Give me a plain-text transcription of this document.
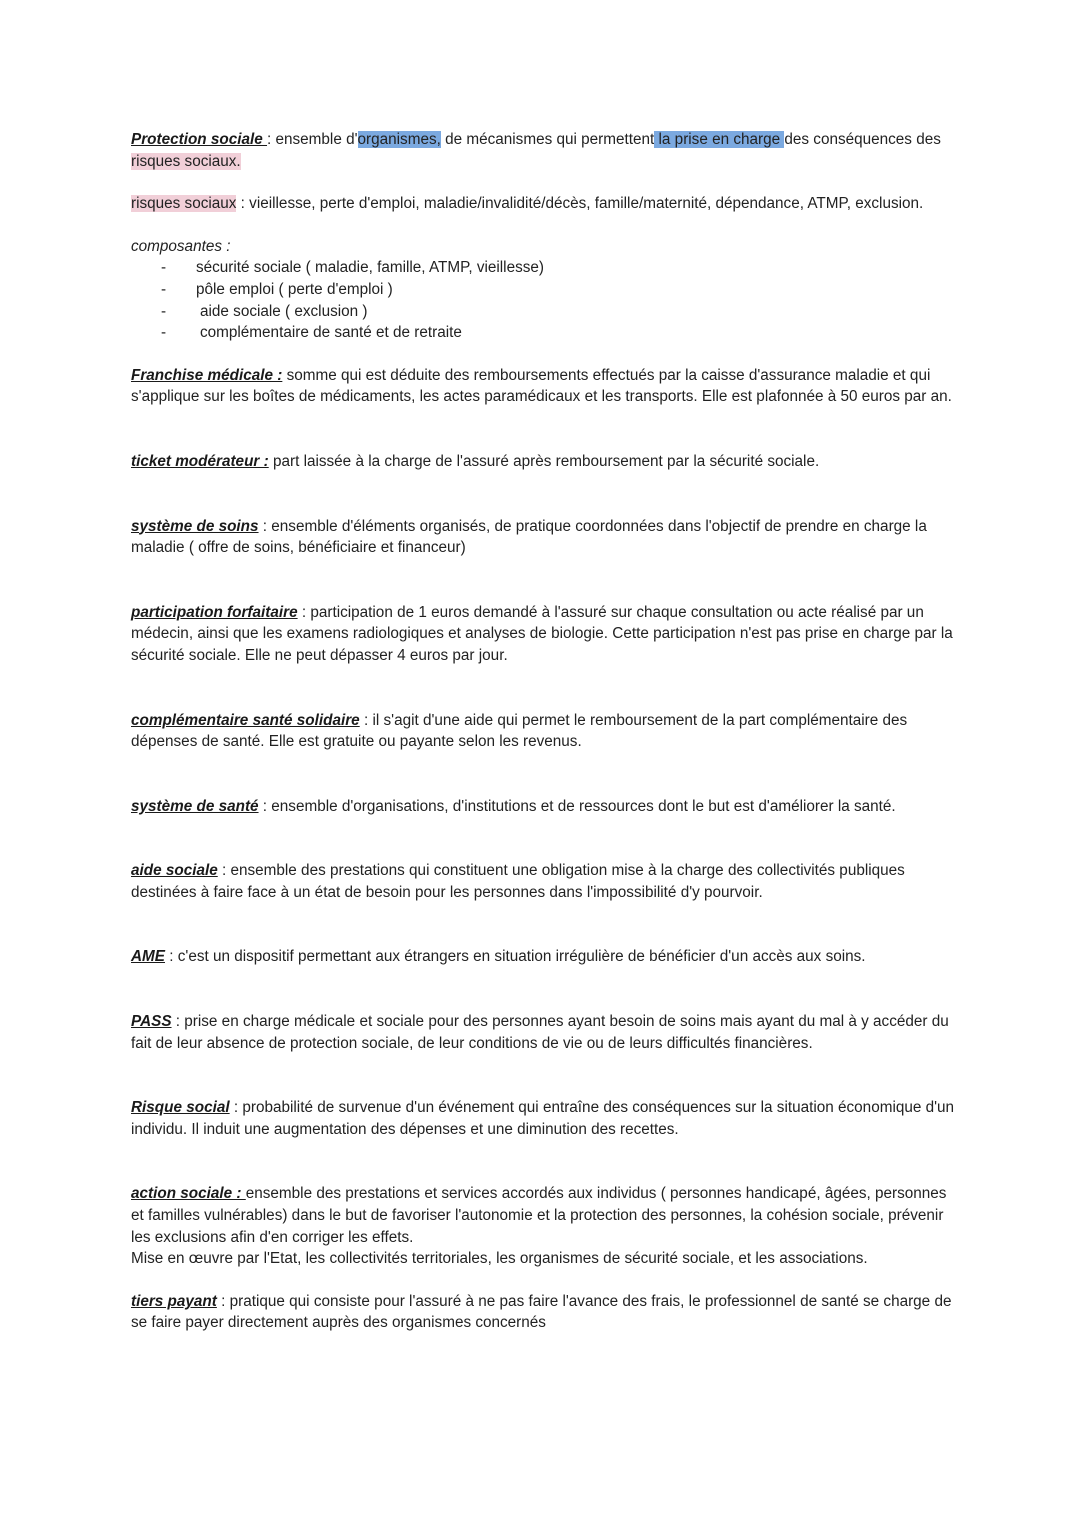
Protection sociale : ensemble d'organismes, de mécanismes qui permettent la prise en charge des conséquences des risques sociaux.

risques sociaux : vieillesse, perte d'emploi, maladie/invalidité/décès, famille/maternité, dépendance, ATMP, exclusion.

composantes :

- sécurité sociale ( maladie, famille, ATMP, vieillesse)
- pôle emploi ( perte d'emploi )
- aide sociale ( exclusion )
- complémentaire de santé et de retraite

Franchise médicale : somme qui est déduite des remboursements effectués par la caisse d'assurance maladie et qui s'applique sur les boîtes de médicaments, les actes paramédicaux et les transports. Elle est plafonnée à 50 euros par an.

ticket modérateur : part laissée à la charge de l'assuré après remboursement par la sécurité sociale.

système de soins : ensemble d'éléments organisés, de pratique coordonnées dans l'objectif de prendre en charge la maladie ( offre de soins, bénéficiaire et financeur)

participation forfaitaire : participation de 1 euros demandé à l'assuré sur chaque consultation ou acte réalisé par un médecin, ainsi que les examens radiologiques et analyses de biologie. Cette participation n'est pas prise en charge par la sécurité sociale. Elle ne peut dépasser 4 euros par jour.

complémentaire santé solidaire : il s'agit d'une aide qui permet le remboursement de la part complémentaire des dépenses de santé. Elle est gratuite ou payante selon les revenus.

système de santé : ensemble d'organisations, d'institutions et de ressources dont le but est d'améliorer la santé.

aide sociale : ensemble des prestations qui constituent une obligation mise à la charge des collectivités publiques destinées à faire face à un état de besoin pour les personnes dans l'impossibilité d'y pourvoir.

AME : c'est un dispositif permettant aux étrangers en situation irrégulière de bénéficier d'un accès aux soins.

PASS : prise en charge médicale et sociale pour des personnes ayant besoin de soins mais ayant du mal à y accéder du fait de leur absence de protection sociale, de leur conditions de vie ou de leurs difficultés financières.

Risque social : probabilité de survenue d'un événement qui entraîne des conséquences sur la situation économique d'un individu. Il induit une augmentation des dépenses et une diminution des recettes.

action sociale : ensemble des prestations et services accordés aux individus ( personnes handicapé, âgées, personnes et familles vulnérables) dans le but de favoriser l'autonomie et la protection des personnes, la cohésion sociale, prévenir les exclusions afin d'en corriger les effets.
Mise en œuvre par l'Etat, les collectivités territoriales, les organismes de sécurité sociale, et les associations.

tiers payant : pratique qui consiste pour l'assuré à ne pas faire l'avance des frais, le professionnel de santé se charge de se faire payer directement auprès des organismes concernés
